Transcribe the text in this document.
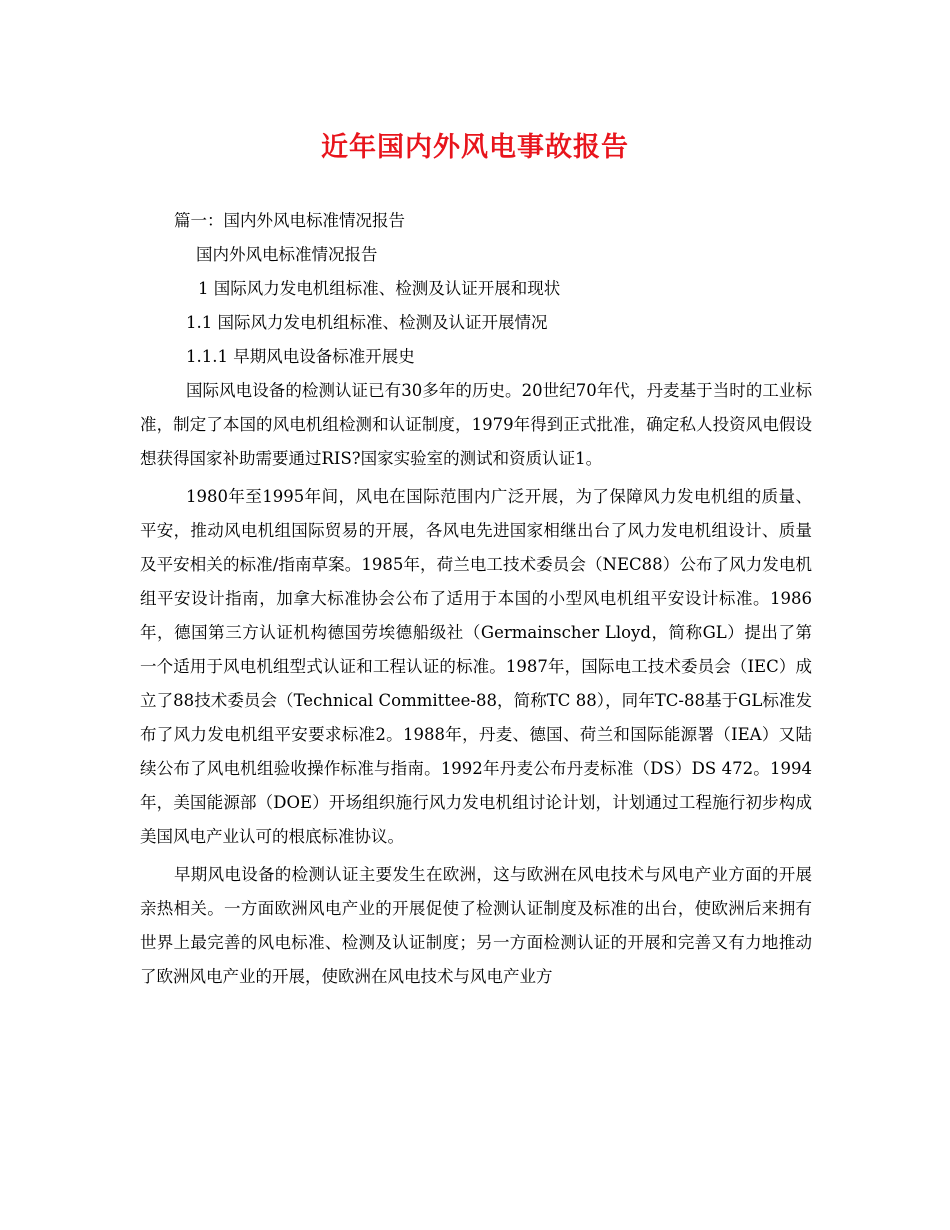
近年国内外风电事故报告

篇一：国内外风电标准情况报告

国内外风电标准情况报告

1 国际风力发电机组标准、检测及认证开展和现状

1.1 国际风力发电机组标准、检测及认证开展情况

1.1.1 早期风电设备标准开展史

国际风电设备的检测认证已有30多年的历史。20世纪70年代，丹麦基于当时的工业标准，制定了本国的风电机组检测和认证制度，1979年得到正式批准，确定私人投资风电假设想获得国家补助需要通过RIS?国家实验室的测试和资质认证1。

1980年至1995年间，风电在国际范围内广泛开展，为了保障风力发电机组的质量、平安，推动风电机组国际贸易的开展，各风电先进国家相继出台了风力发电机组设计、质量及平安相关的标准/指南草案。1985年，荷兰电工技术委员会（NEC88）公布了风力发电机组平安设计指南，加拿大标准协会公布了适用于本国的小型风电机组平安设计标准。1986年，德国第三方认证机构德国劳埃德船级社（Germainscher Lloyd，简称GL）提出了第一个适用于风电机组型式认证和工程认证的标准。1987年，国际电工技术委员会（IEC）成立了88技术委员会（Technical Committee-88，简称TC 88），同年TC-88基于GL标准发布了风力发电机组平安要求标准2。1988年，丹麦、德国、荷兰和国际能源署（IEA）又陆续公布了风电机组验收操作标准与指南。1992年丹麦公布丹麦标准（DS）DS 472。1994年，美国能源部（DOE）开场组织施行风力发电机组讨论计划，计划通过工程施行初步构成美国风电产业认可的根底标准协议。

早期风电设备的检测认证主要发生在欧洲，这与欧洲在风电技术与风电产业方面的开展亲热相关。一方面欧洲风电产业的开展促使了检测认证制度及标准的出台，使欧洲后来拥有世界上最完善的风电标准、检测及认证制度；另一方面检测认证的开展和完善又有力地推动了欧洲风电产业的开展，使欧洲在风电技术与风电产业方
